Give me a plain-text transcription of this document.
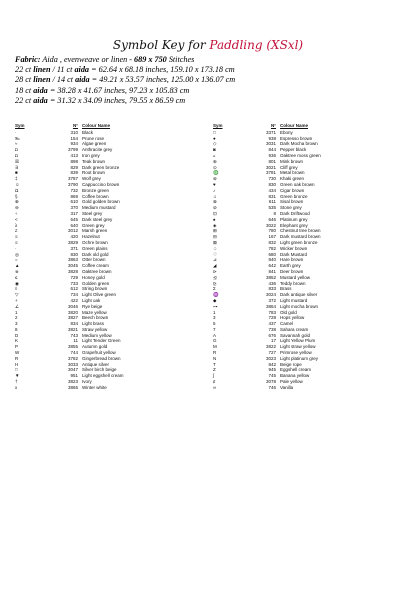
Symbol Key for Paddling (XSxl)
Fabric: Aida , evenweave or linen - 689 x 750 Stitches
22 ct linen / 11 ct aida = 62.64 x 68.18 inches, 159.10 x 173.18 cm
28 ct linen / 14 ct aida = 49.21 x 53.57 inches, 125.00 x 136.07 cm
18 ct aida = 38.28 x 41.67 inches, 97.23 x 105.83 cm
22 ct aida = 31.32 x 34.09 inches, 79.55 x 86.59 cm
Sym	N° Colour Name
·	310 Black
‰	154 Prune rose
≈	934 Algae green
◘	3799 Anthracite grey
◘	413 Iron grey
☒	898 Teak brown
∃	829 Dark green bronze
■	839 Root brown
‡	3787 Wolf grey
☺	3790 Cappuccino brown
Ω	732 Bronze green
§	869 Coffee brown
⊕	610 Gold golden brown
⊖	370 Medium mustard
÷	317 Steel grey
<	645 Dark steel grey
λ	640 Green grey
≠	3012 Marsh green
≡	420 Hazelnut
≡	3829 Ochre brown
∙	371 Green plains
◎	830 Dark old gold
=	3863 Otter brown
▲	3045 Coffee cream
※	3828 Oaktree brown
≤	729 Honey gold
◉	733 Golden green
◊	612 String brown
▽	734 Light Olive green
+	422 Light oak
∠	3046 Rye beige
1	3820 Maze yellow
2	3827 Beech brown
3	834 Light brass
8	3821 Straw yellow
D	743 Medium yellow
K	11 Light Tender Green
P	3855 Autumn gold
W	744 Grapefruit yellow
R	3782 Gingerbread brown
H	3033 Antique silver
□	3047 Silver birch beige
▼	951 Light eggshell cream
†	3823 Ivory
x	3865 Winter white
Sym	N° Colour Name
□	3371 Ebony
●	938 Espresso brown
◇	3031 Dark Mocha brown
◙	844 Pepper black
▵	936 Oaktree moss green
⊛	801 Mink brown
⊙	3021 Cliff grey
♎	3781 Metal brown
⊜	730 Khaki green
♥	830 Green oak brown
♪	434 Cigar brown
♫	831 Green bronze
⊗	611 Sisal brown
⊘	535 Stone grey
⊡	8 Dark Driftwood
♠	646 Platinum grey
◈	3022 Elephant grey
⊞	780 Chestnut tree brown
⊟	167 Dark mustard brown
⊠	832 Light green bronze
♤	782 Wicker brown
♡	680 Dark Mustard
⊿	840 Hare brown
◢	642 Earth grey
⊳	841 Deer brown
⊴	3852 Mustard yellow
⊵	436 Teddy brown
Σ	833 Brass
♒	3024 Dark antique silver
◆	372 Light mustard
⊶	3864 Light mocha brown
1	783 Old gold
3	728 Hops yellow
5	437 Camel
7	738 Sahara cream
A	676 Savannah gold
G	17 Light Yellow Plum
M	3822 Light straw yellow
R	727 Primrose yellow
N	3023 Light platinum grey
T	842 Beige rope
Z	945 Eggshell cream
ʃ	745 Banana yellow
♯	3078 Pale yellow
∞	746 Vanilla
